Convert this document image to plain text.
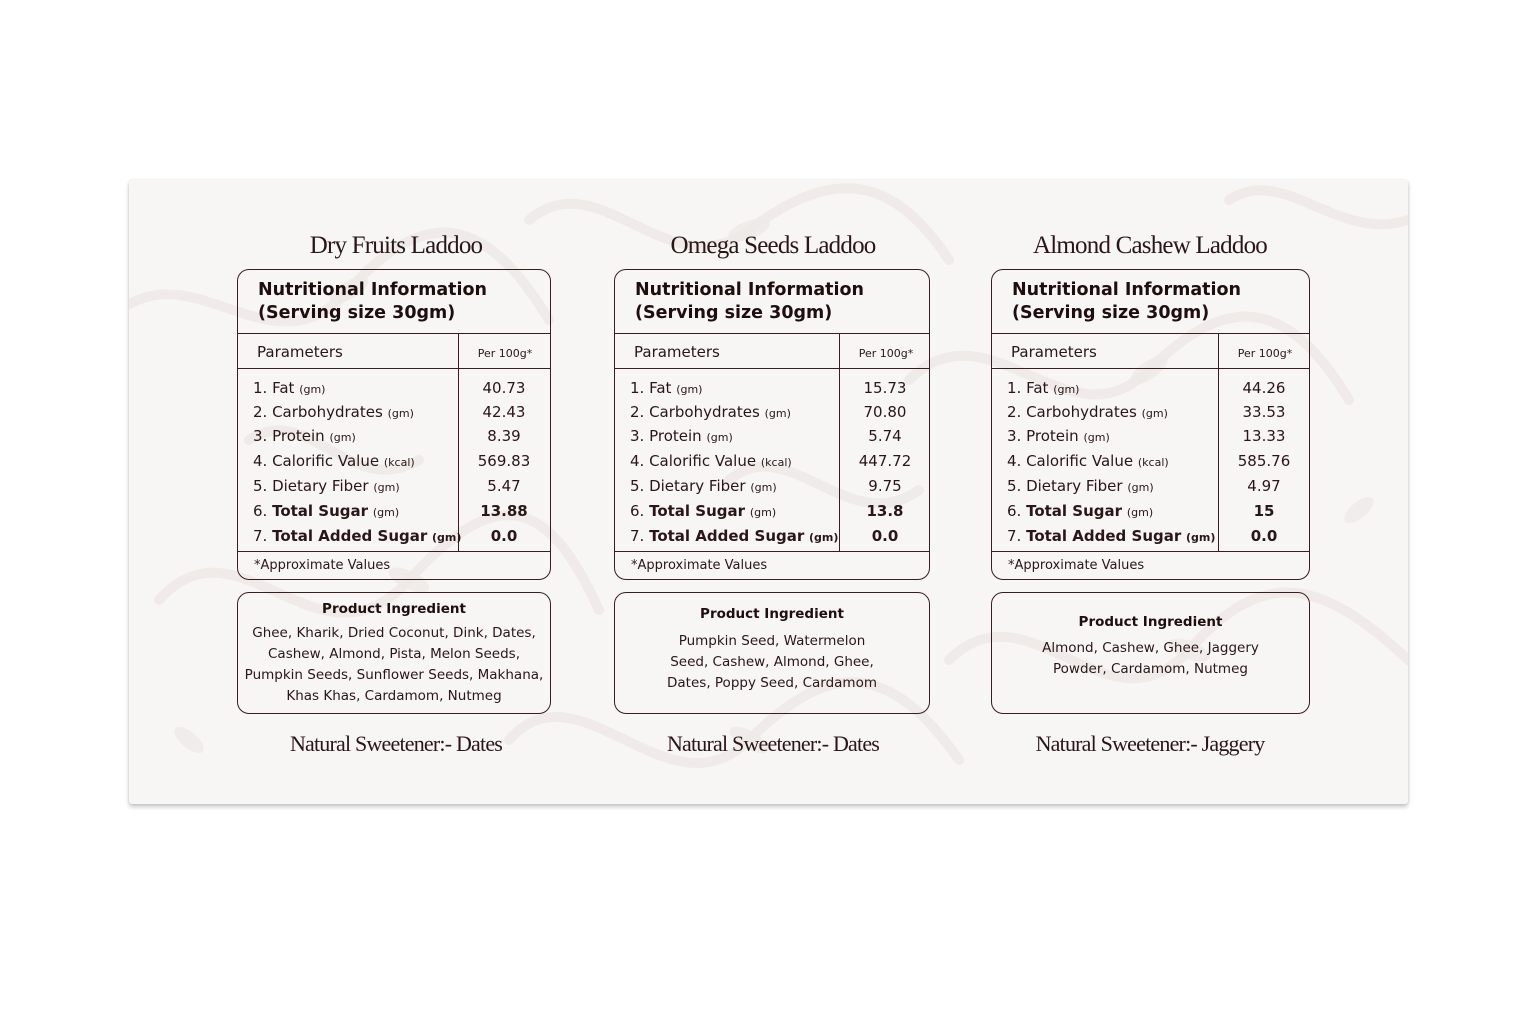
Dry Fruits Laddoo
Nutritional Information
(Serving size 30gm)
Parameters	Per 100g*
1. Fat (gm)	40.73
2. Carbohydrates (gm)	42.43
3. Protein (gm)	8.39
4. Calorific Value (kcal)	569.83
5. Dietary Fiber (gm)	5.47
6. Total Sugar (gm)	13.88
7. Total Added Sugar (gm)	0.0
*Approximate Values
Product Ingredient
Ghee, Kharik, Dried Coconut, Dink, Dates,
Cashew, Almond, Pista, Melon Seeds,
Pumpkin Seeds, Sunflower Seeds, Makhana,
Khas Khas, Cardamom, Nutmeg
Natural Sweetener:- Dates
Omega Seeds Laddoo
Nutritional Information
(Serving size 30gm)
Parameters	Per 100g*
1. Fat (gm)	15.73
2. Carbohydrates (gm)	70.80
3. Protein (gm)	5.74
4. Calorific Value (kcal)	447.72
5. Dietary Fiber (gm)	9.75
6. Total Sugar (gm)	13.8
7. Total Added Sugar (gm)	0.0
*Approximate Values
Product Ingredient
Pumpkin Seed, Watermelon
Seed, Cashew, Almond, Ghee,
Dates, Poppy Seed, Cardamom
Natural Sweetener:- Dates
Almond Cashew Laddoo
Nutritional Information
(Serving size 30gm)
Parameters	Per 100g*
1. Fat (gm)	44.26
2. Carbohydrates (gm)	33.53
3. Protein (gm)	13.33
4. Calorific Value (kcal)	585.76
5. Dietary Fiber (gm)	4.97
6. Total Sugar (gm)	15
7. Total Added Sugar (gm)	0.0
*Approximate Values
Product Ingredient
Almond, Cashew, Ghee, Jaggery
Powder, Cardamom, Nutmeg
Natural Sweetener:- Jaggery
